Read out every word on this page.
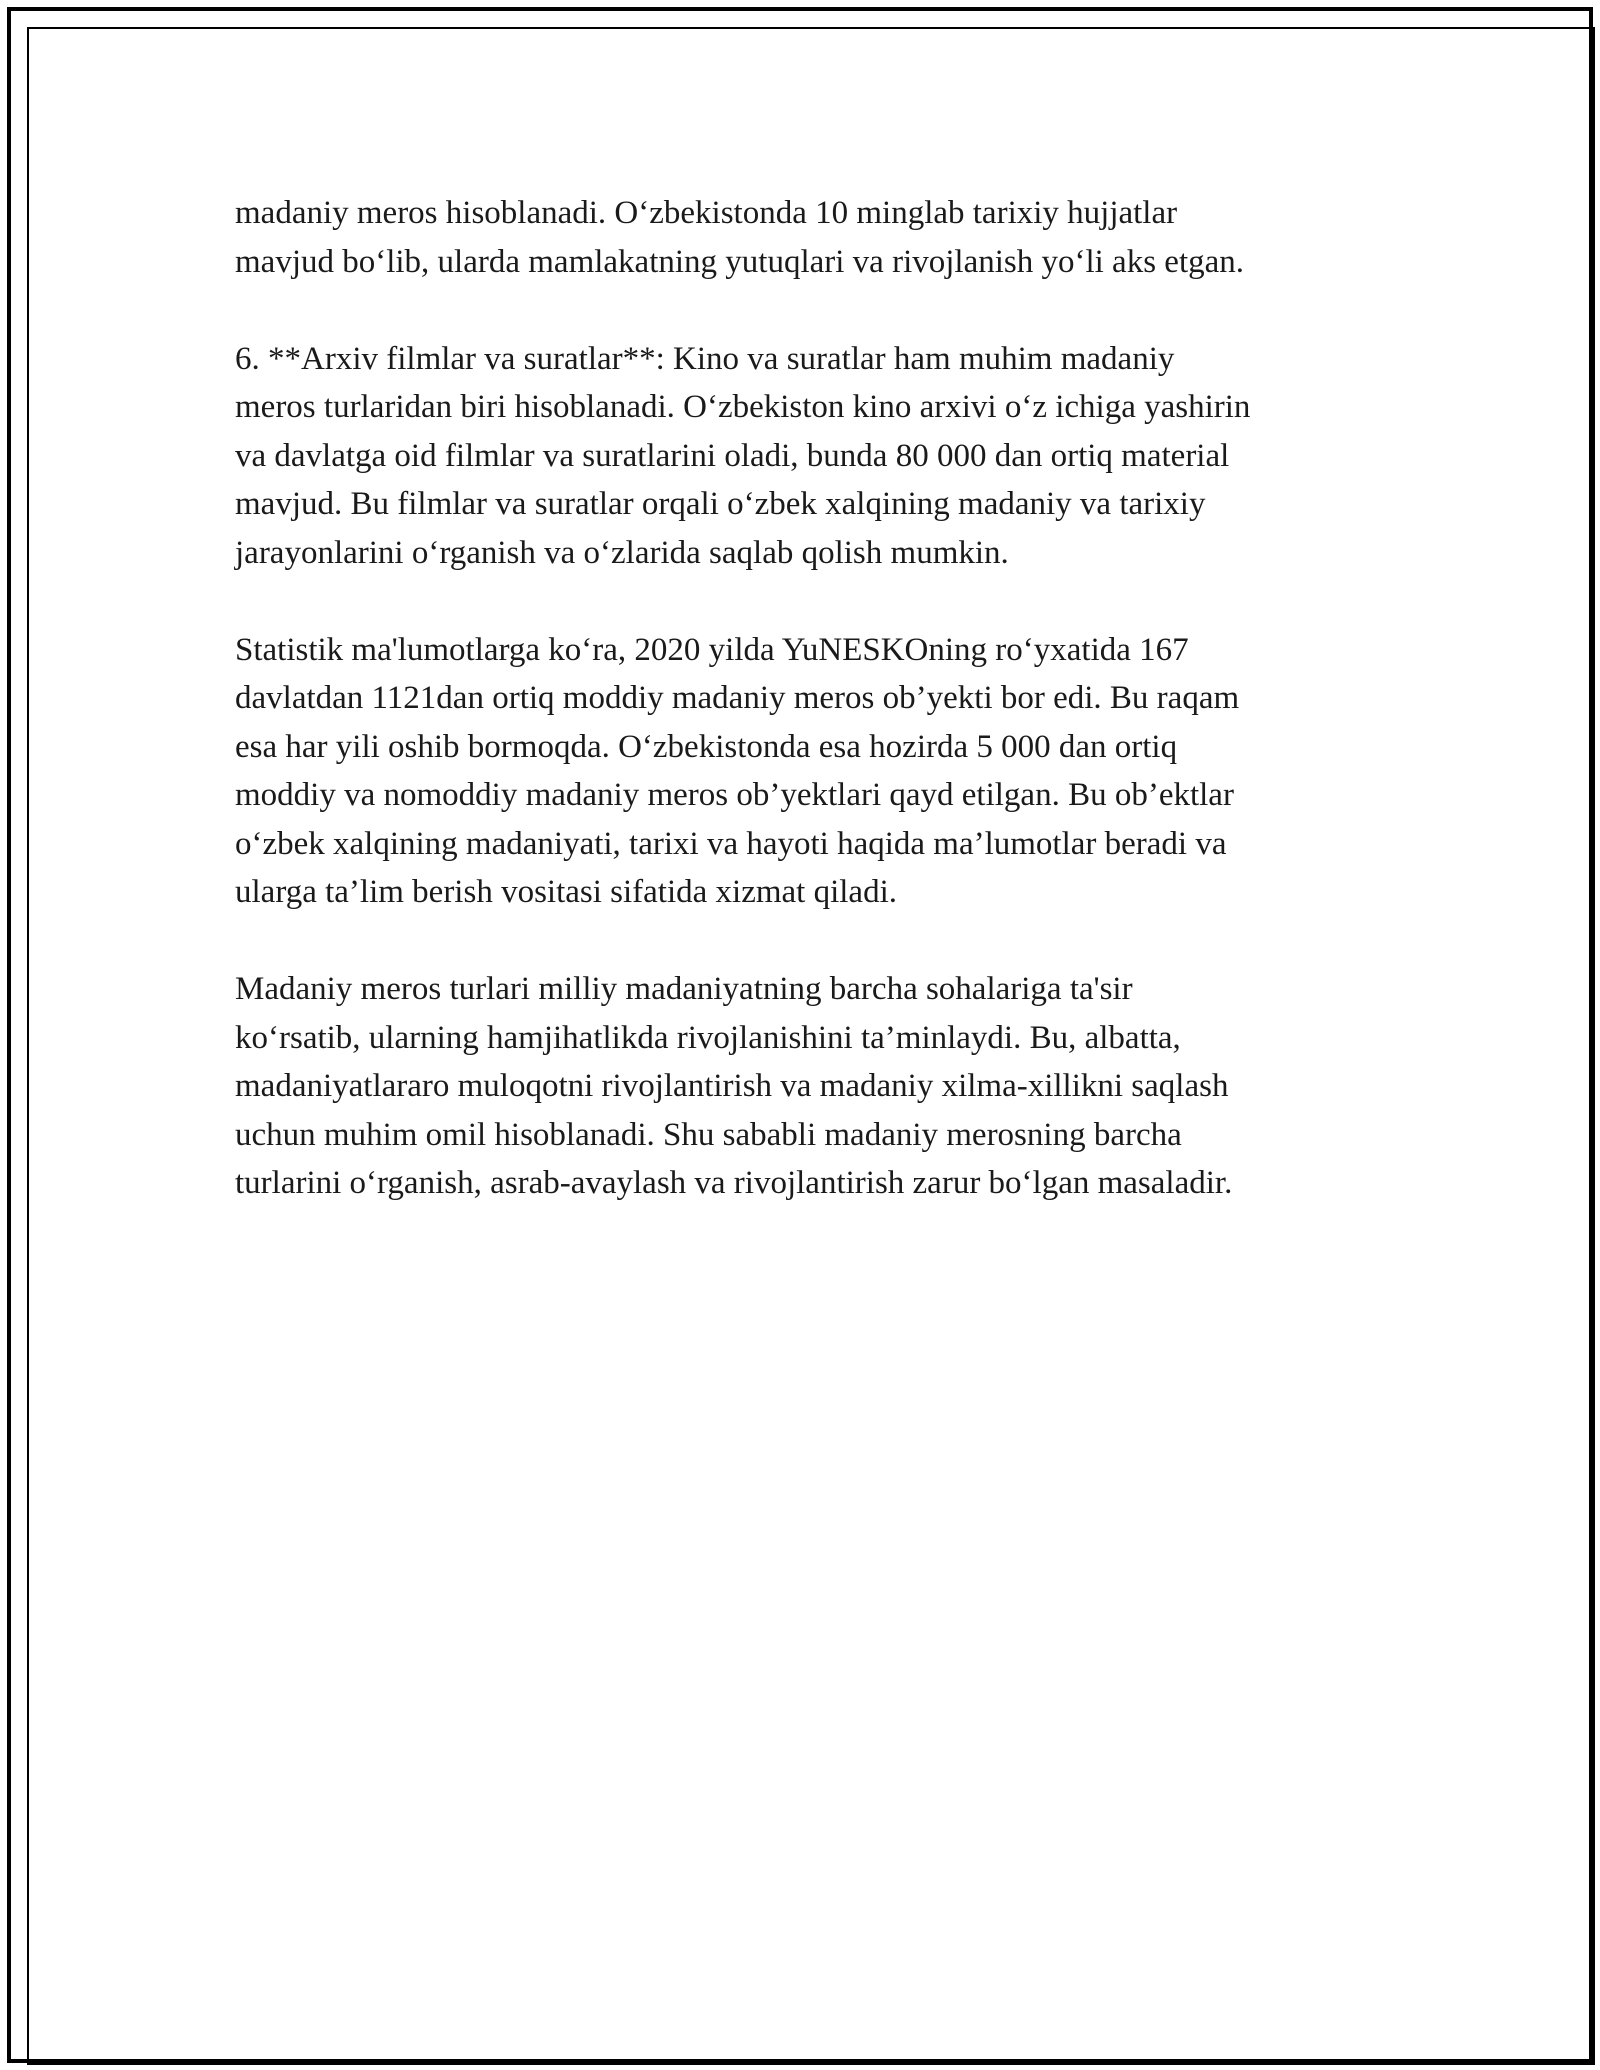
madaniy meros hisoblanadi. O‘zbekistonda 10 minglab tarixiy hujjatlar
mavjud bo‘lib, ularda mamlakatning yutuqlari va rivojlanish yo‘li aks etgan.

6. **Arxiv filmlar va suratlar**: Kino va suratlar ham muhim madaniy
meros turlaridan biri hisoblanadi. O‘zbekiston kino arxivi o‘z ichiga yashirin
va davlatga oid filmlar va suratlarini oladi, bunda 80 000 dan ortiq material
mavjud. Bu filmlar va suratlar orqali o‘zbek xalqining madaniy va tarixiy
jarayonlarini o‘rganish va o‘zlarida saqlab qolish mumkin.

Statistik ma'lumotlarga ko‘ra, 2020 yilda YuNESKOning ro‘yxatida 167
davlatdan 1121dan ortiq moddiy madaniy meros ob’yekti bor edi. Bu raqam
esa har yili oshib bormoqda. O‘zbekistonda esa hozirda 5 000 dan ortiq
moddiy va nomoddiy madaniy meros ob’yektlari qayd etilgan. Bu ob’ektlar
o‘zbek xalqining madaniyati, tarixi va hayoti haqida ma’lumotlar beradi va
ularga ta’lim berish vositasi sifatida xizmat qiladi.

Madaniy meros turlari milliy madaniyatning barcha sohalariga ta'sir
ko‘rsatib, ularning hamjihatlikda rivojlanishini ta’minlaydi. Bu, albatta,
madaniyatlararo muloqotni rivojlantirish va madaniy xilma-xillikni saqlash
uchun muhim omil hisoblanadi. Shu sababli madaniy merosning barcha
turlarini o‘rganish, asrab-avaylash va rivojlantirish zarur bo‘lgan masaladir.
